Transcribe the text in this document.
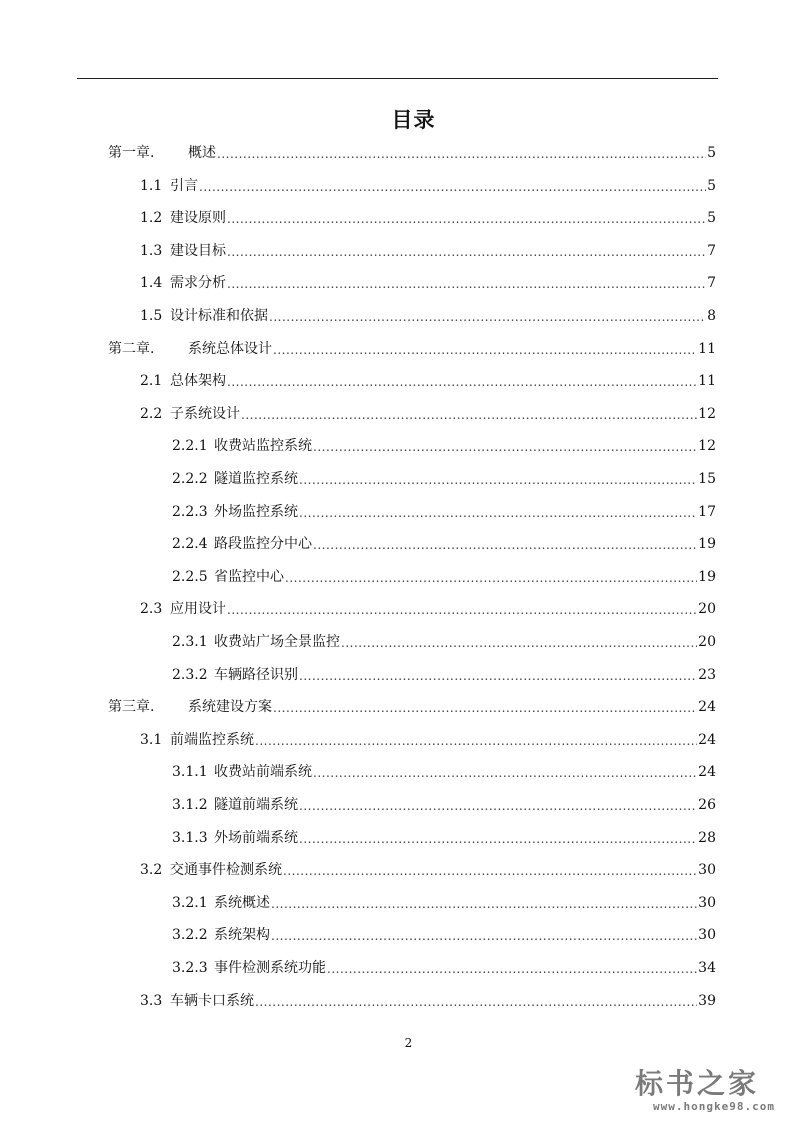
目录
第一章.	概述 .....	5
1.1 引言 .....	5
1.2 建设原则 .....	5
1.3 建设目标 .....	7
1.4 需求分析 .....	7
1.5 设计标准和依据 .....	8
第二章.	系统总体设计 .....	11
2.1 总体架构 .....	11
2.2 子系统设计 .....	12
2.2.1 收费站监控系统 .....	12
2.2.2 隧道监控系统 .....	15
2.2.3 外场监控系统 .....	17
2.2.4 路段监控分中心 .....	19
2.2.5 省监控中心 .....	19
2.3 应用设计 .....	20
2.3.1 收费站广场全景监控 .....	20
2.3.2 车辆路径识别 .....	23
第三章.	系统建设方案 .....	24
3.1 前端监控系统 .....	24
3.1.1 收费站前端系统 .....	24
3.1.2 隧道前端系统 .....	26
3.1.3 外场前端系统 .....	28
3.2 交通事件检测系统 .....	30
3.2.1 系统概述 .....	30
3.2.2 系统架构 .....	30
3.2.3 事件检测系统功能 .....	34
3.3 车辆卡口系统 .....	39
2
标书之家
www.hongke98.com
